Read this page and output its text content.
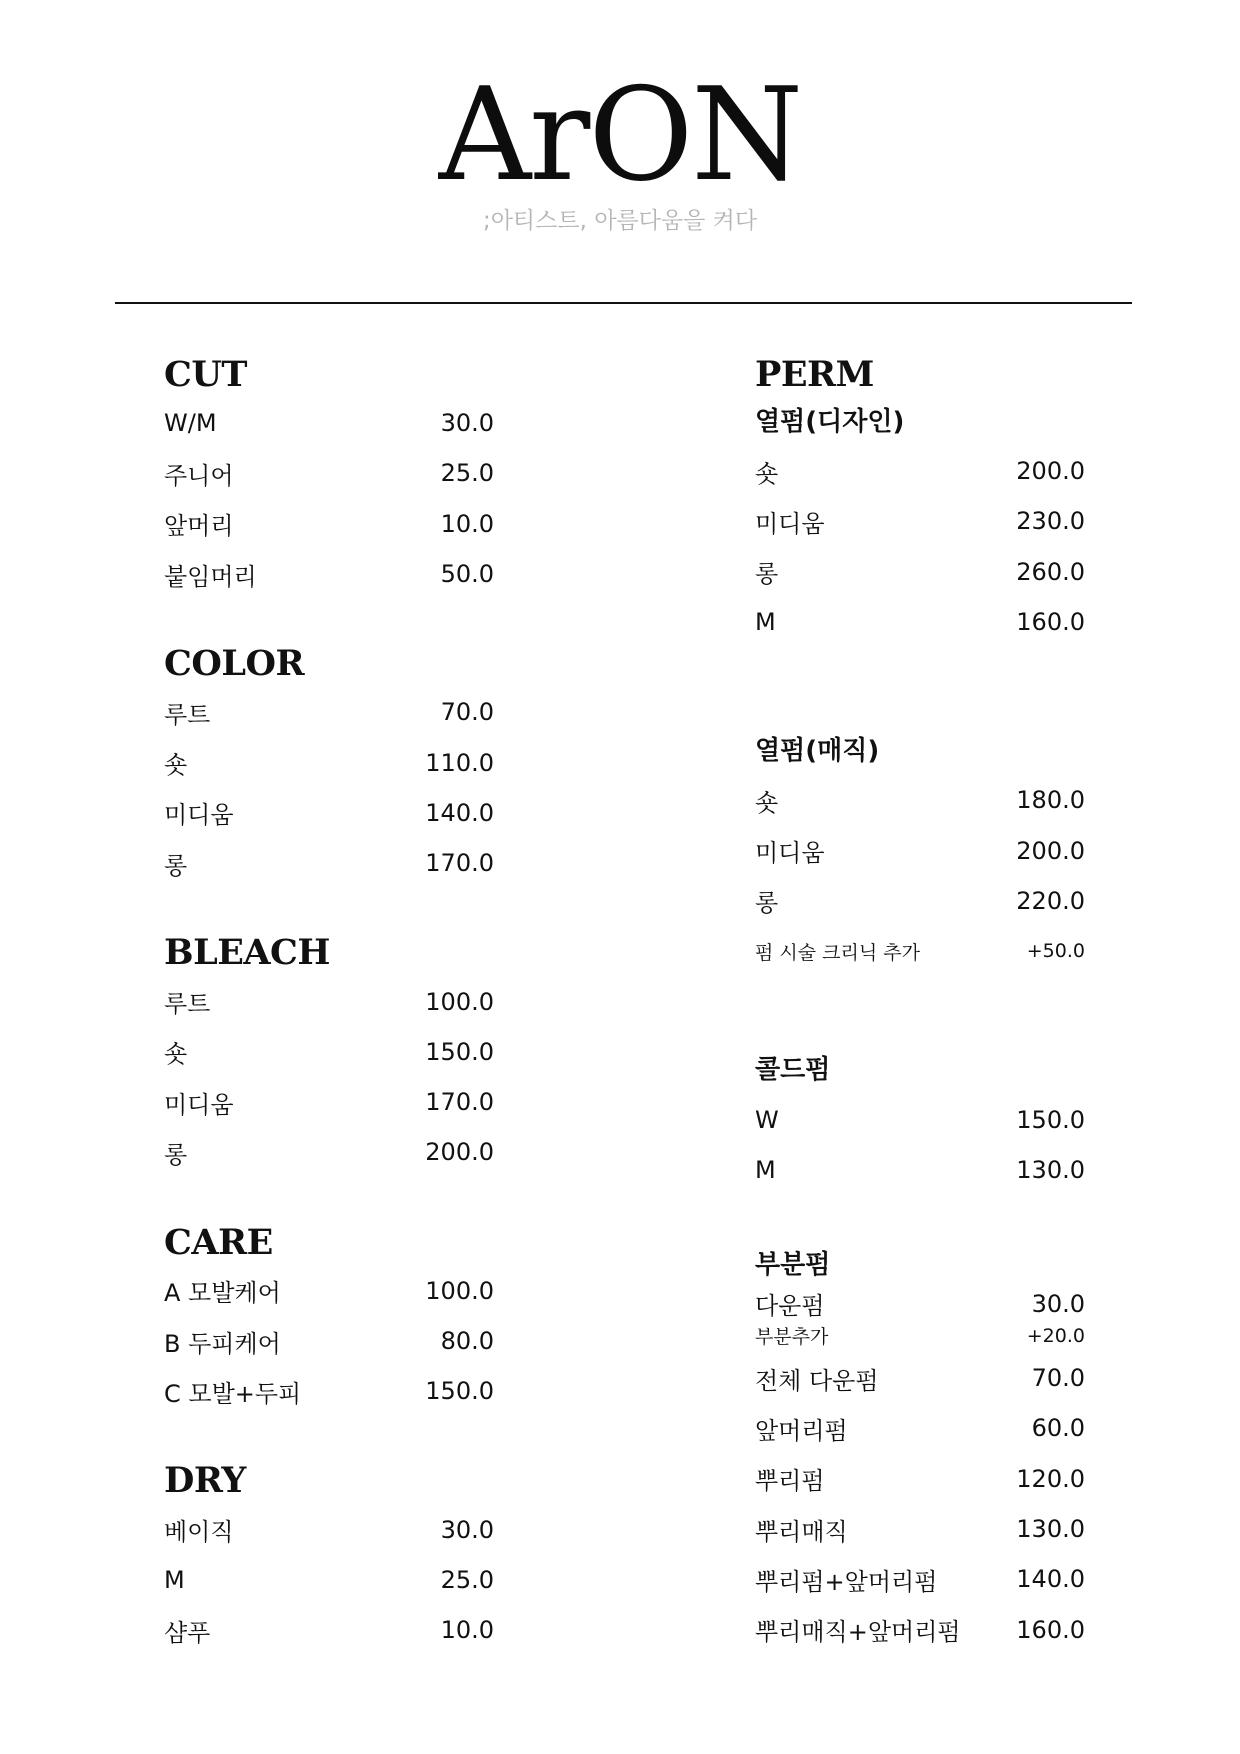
ArON
;아티스트, 아름다움을 켜다
CUT
W/M	30.0
주니어	25.0
앞머리	10.0
붙임머리	50.0
COLOR
루트	70.0
숏	110.0
미디움	140.0
롱	170.0
BLEACH
루트	100.0
숏	150.0
미디움	170.0
롱	200.0
CARE
A 모발케어	100.0
B 두피케어	80.0
C 모발+두피	150.0
DRY
베이직	30.0
M	25.0
샴푸	10.0
PERM
열펌(디자인)
숏	200.0
미디움	230.0
롱	260.0
M	160.0
열펌(매직)
숏	180.0
미디움	200.0
롱	220.0
펌 시술 크리닉 추가	+50.0
콜드펌
W	150.0
M	130.0
부분펌
다운펌	30.0
부분추가	+20.0
전체 다운펌	70.0
앞머리펌	60.0
뿌리펌	120.0
뿌리매직	130.0
뿌리펌+앞머리펌	140.0
뿌리매직+앞머리펌 160.0
